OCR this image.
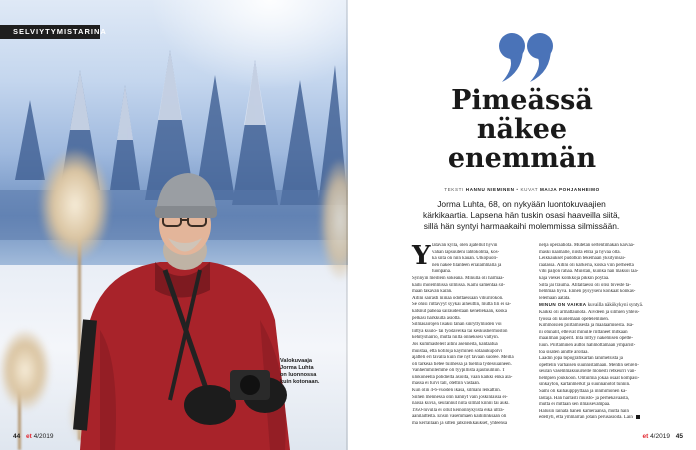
SELVIYTYMISTARINA
Valokuvaaja
Jorma Luhta
on luonnossa
kuin kotonaan.
44 et 4/2019
Pimeässä
näkee
enemmän
TEKSTI HANNU NIEMINEN • KUVAT MAIJA POHJANHEIMO

Jorma Luhta, 68, on nykyään luontokuvaajien
kärkikaartia. Lapsena hän tuskin osasi haaveilla siitä,
sillä hän syntyi harmaakaihi molemmissa silmissään.

Y lätävän kyllä, olen ajatellut hyvin
vähän lapsuuteni lähtökohtia, kos-
ka siitä on niin kauan. Ulkopuoli-
nen näkee tilanteen eriälämmällä ja
tuonpana.
Synnyin meillein sokeana. Minulla oli harmaa-
kaihi molemmissa silmissä. Kaihi samentaa sil-
mään takavan karan.
Äitini sairasti niinaa odottaessaan vihurirokon.
Se ohisi riittävyyt syykai aiheuttin, mutta tili ei sa-
katsnut paheaa sairaudestaan kenellekään, koska
pelkäsi harkkulta asiotta.
Silmäsairojen lisäksi tähän sinrytlymiiden voi
liittyä kuulo- tai työdävelka tai keskushermoston
kehityshäiriö, mutta niiltä onneksesi vältyin.
Jos kummasteleit äitini asenneita, kantaatua
muistaa, että kotiloja käyminen sotaaukupolvi
ajatteli eri tavalla kuin me nyt tavaan suoree. Meillä
oli tärkeää tietee tuimessa ja tuemia tydessuaineen.
Vanhemmillemme oli tyypillistä ajautuumiin. T
ulokoneella pohdielta asioita, vaan kaikki enkä ala-
mässä ei turvi tall, otettiin vastaan.
Kun olin 4-6-vuoden ikäsä, silmäni leikattiin.
Siihen mennessä olin nähnyt vain joskinlaisia ei-
näisiä kuvia, seurannut niitä silmät kiinni tai auki.
1950-luvulla ei ollut keinonnykyistä eikä ultra-
äänilaitteita. Ensin vasemmaen kaihilinksaan oli
mä kerrallaan ja sitten jälkileikkaukset, yhteensä
neljä operaatiota. Mutetan sertentimakan kaivaa-
maski naamalle, niistä ehtiä ja hyvää oltä.
Leikkaukset pudotkin tekemään yksityinsai-
raalassa. Äitini oli karkeria, koska viin perheeltä
vihi paljon rahaa. Muistan, kuinka hän maksoi laa-
kaja viekei kolikkoja pikkin pöytää.
Siltä jäi trauma. Ätitaltaessi oli olisi biveste tä-
hemmaä hyvä. Ennen pysyyseni konkaat konkas-
lelemaan aatata.
MINUN ON VAIKEA kuvailla näkökykyni syntyä.
Kaikki oli armattaunota. Äivdeen ja silmien yhteis-
työssä oli kuolemään opeteleminen.
Kimmoisien piirtämisestä ja maalaamisesta. Isä-
ni otunalit, etteivät minulle riittäneet mitkään
maailman paperit. Inta liittyy näkemisen opette-
luun. Piirtäminen auttoi hahmottamaan ympärist-
töä sisäten ainitte arollaa.
Laadin jopa topografikartan lähimetsistä ja
opettelin varhaisen suunnistamaan. Mentin sehreli-
seuran vasemmaksuurselle monesti retkeurri van-
hempien joukkoon. Olituimia jokaa osaat kompasi-
sinkäytön, kartanmerkit ja suunnanotot tunnin.
Sami oli kaihaupppyttäää ja innihimonen ka-
lastaja. Hän harrasti muisto- ja perhekavaasta,
mutta ei mittään sen ilmaisevampaa.
Halusin lainata hänen kameraansa, mutta häin
edellyti, että ymmärrän jotain perusasioita. Lain
et 4/2019 45
